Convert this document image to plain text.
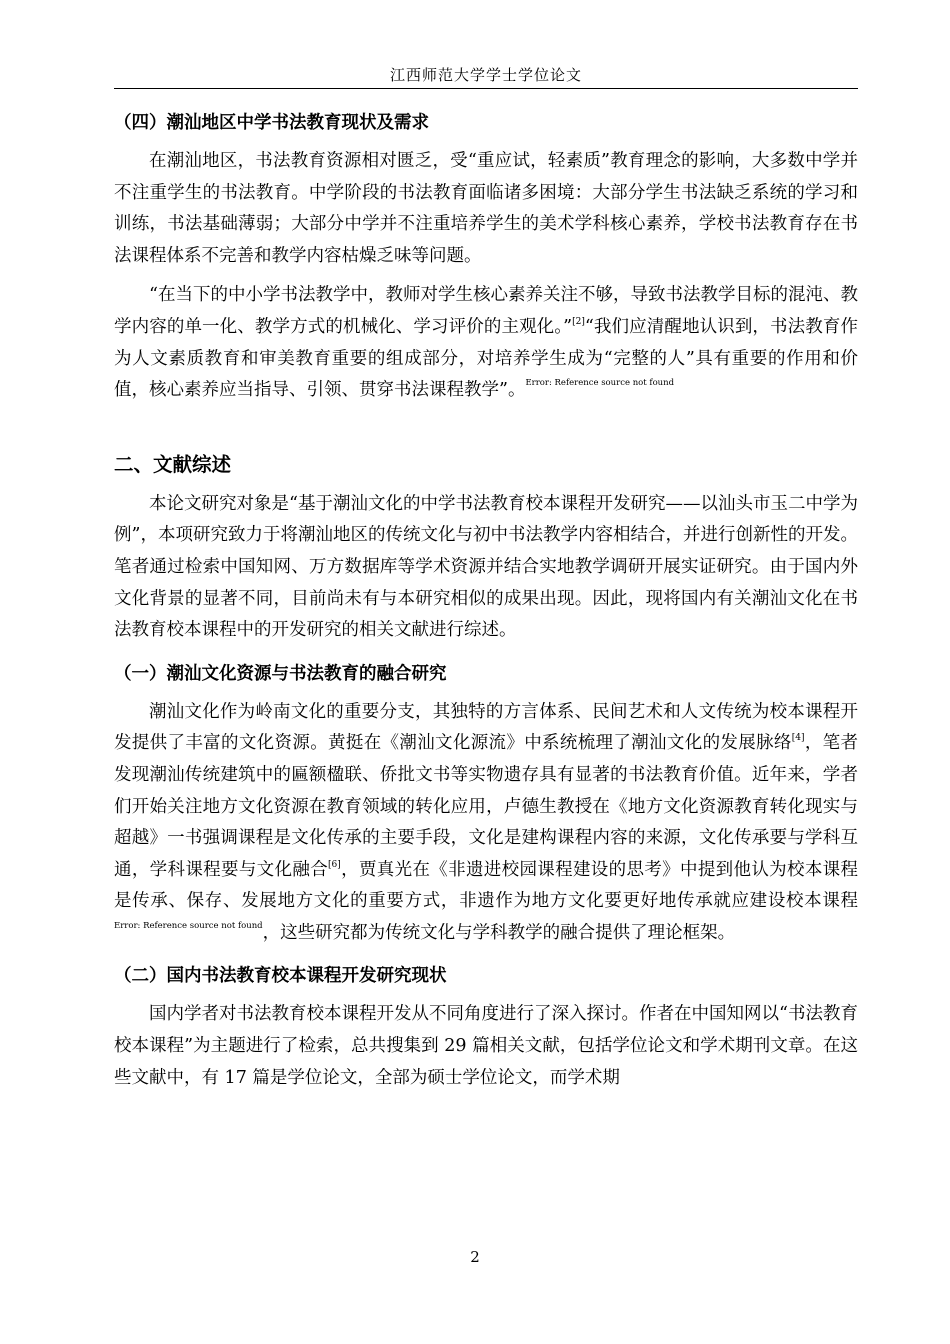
江西师范大学学士学位论文
（四）潮汕地区中学书法教育现状及需求

在潮汕地区，书法教育资源相对匮乏，受“重应试，轻素质”教育理念的影响，大多数中学并不注重学生的书法教育。中学阶段的书法教育面临诸多困境：大部分学生书法缺乏系统的学习和训练，书法基础薄弱；大部分中学并不注重培养学生的美术学科核心素养，学校书法教育存在书法课程体系不完善和教学内容枯燥乏味等问题。

“在当下的中小学书法教学中，教师对学生核心素养关注不够，导致书法教学目标的混沌、教学内容的单一化、教学方式的机械化、学习评价的主观化。”[2]“我们应清醒地认识到，书法教育作为人文素质教育和审美教育重要的组成部分，对培养学生成为“完整的人”具有重要的作用和价值，核心素养应当指导、引领、贯穿书法课程教学”。$^{Error: Reference source not found}$

二、文献综述

本论文研究对象是“基于潮汕文化的中学书法教育校本课程开发研究——以汕头市玉二中学为例”，本项研究致力于将潮汕地区的传统文化与初中书法教学内容相结合，并进行创新性的开发。笔者通过检索中国知网、万方数据库等学术资源并结合实地教学调研开展实证研究。由于国内外文化背景的显著不同，目前尚未有与本研究相似的成果出现。因此，现将国内有关潮汕文化在书法教育校本课程中的开发研究的相关文献进行综述。

（一）潮汕文化资源与书法教育的融合研究

潮汕文化作为岭南文化的重要分支，其独特的方言体系、民间艺术和人文传统为校本课程开发提供了丰富的文化资源。黄挺在《潮汕文化源流》中系统梳理了潮汕文化的发展脉络[4]，笔者发现潮汕传统建筑中的匾额楹联、侨批文书等实物遗存具有显著的书法教育价值。近年来，学者们开始关注地方文化资源在教育领域的转化应用，卢德生教授在《地方文化资源教育转化现实与超越》一书强调课程是文化传承的主要手段，文化是建构课程内容的来源，文化传承要与学科互通，学科课程要与文化融合[6]，贾真光在《非遗进校园课程建设的思考》中提到他认为校本课程是传承、保存、发展地方文化的重要方式，非遗作为地方文化要更好地传承就应建设校本课程 $^{Error: Reference source not found}$，这些研究都为传统文化与学科教学的融合提供了理论框架。

（二）国内书法教育校本课程开发研究现状

国内学者对书法教育校本课程开发从不同角度进行了深入探讨。作者在中国知网以“书法教育校本课程”为主题进行了检索，总共搜集到 29 篇相关文献，包括学位论文和学术期刊文章。在这些文献中，有 17 篇是学位论文，全部为硕士学位论文，而学术期

2
